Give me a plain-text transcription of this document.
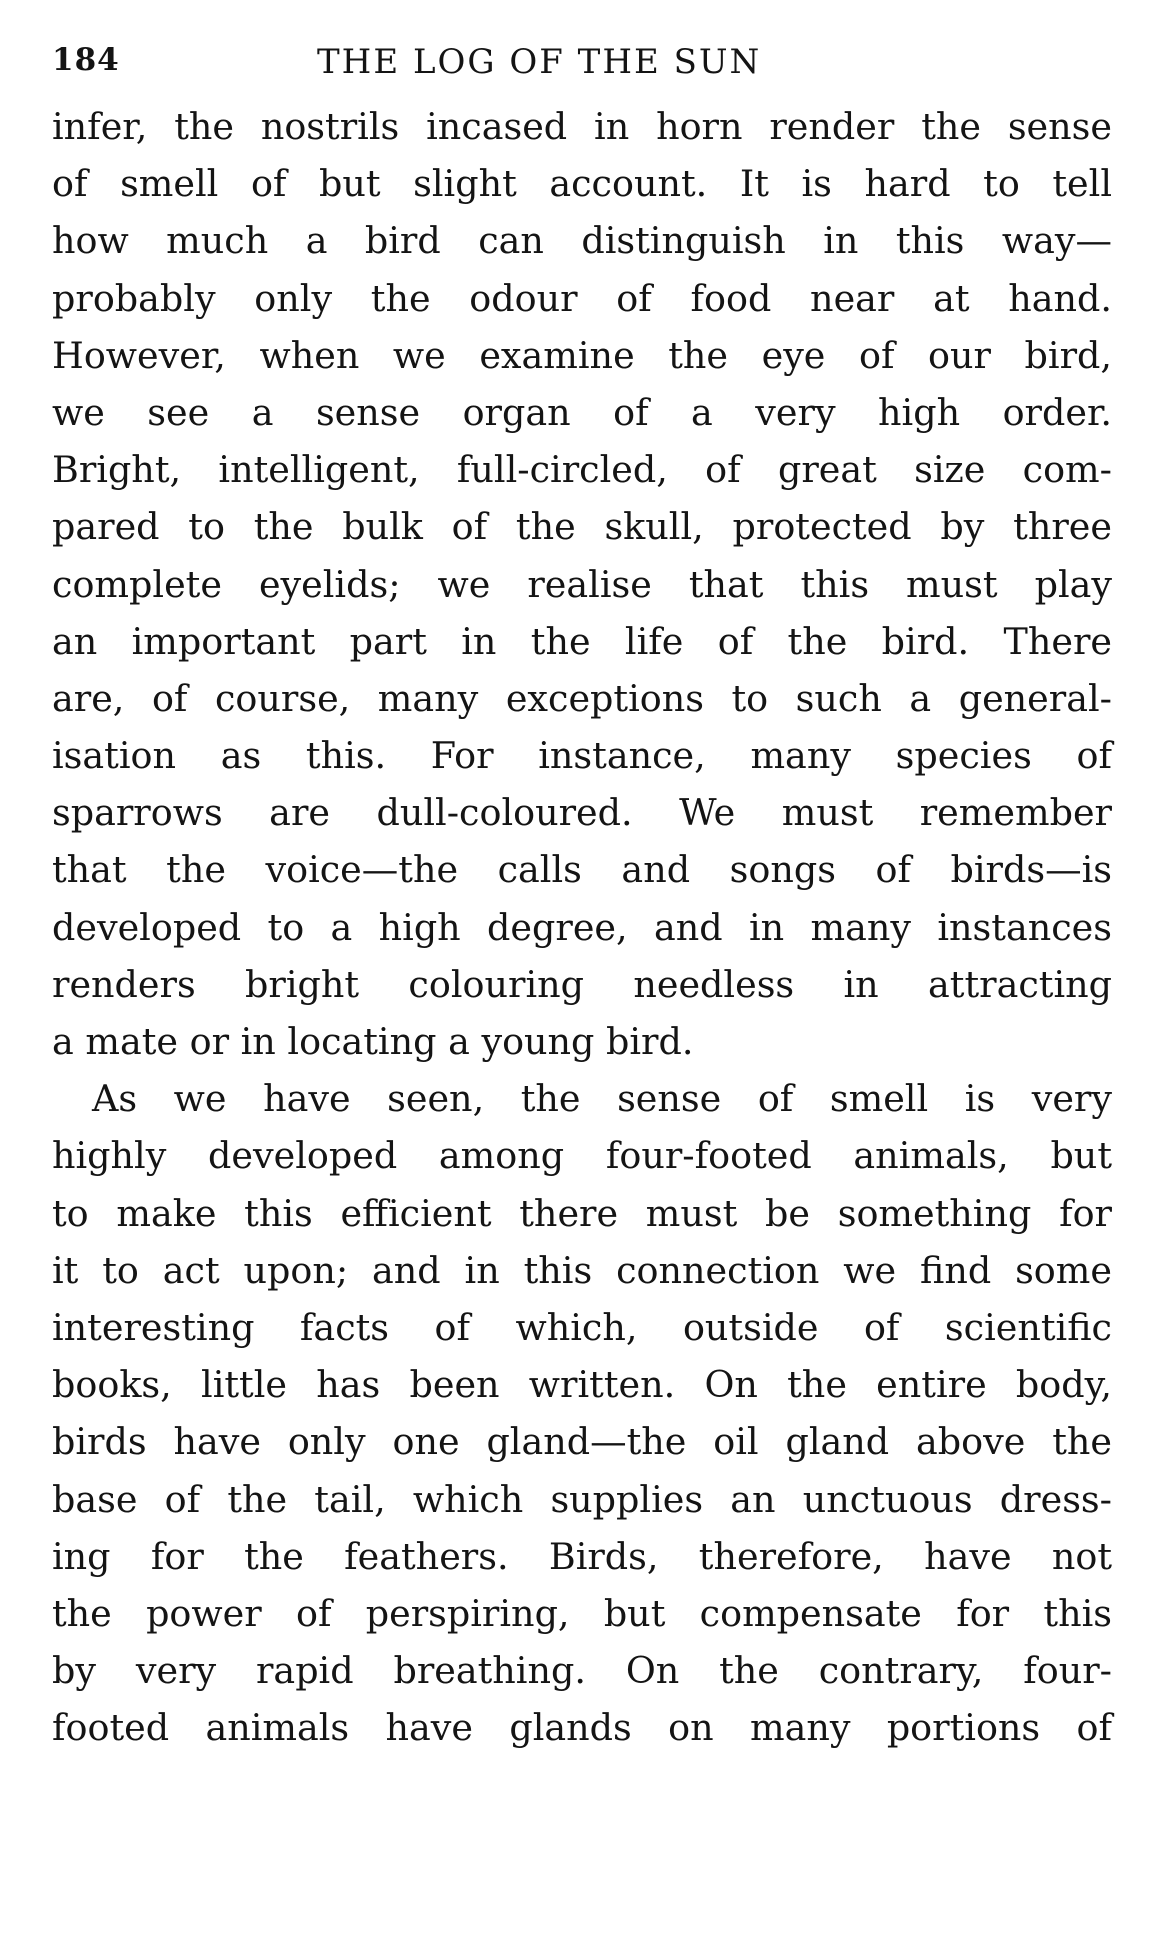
184	THE LOG OF THE SUN
infer, the nostrils incased in horn render the sense
of smell of but slight account. It is hard to tell
how much a bird can distinguish in this way—
probably only the odour of food near at hand.
However, when we examine the eye of our bird,
we see a sense organ of a very high order.
Bright, intelligent, full-circled, of great size com-
pared to the bulk of the skull, protected by three
complete eyelids; we realise that this must play
an important part in the life of the bird. There
are, of course, many exceptions to such a general-
isation as this. For instance, many species of
sparrows are dull-coloured. We must remember
that the voice—the calls and songs of birds—is
developed to a high degree, and in many instances
renders bright colouring needless in attracting
a mate or in locating a young bird.
As we have seen, the sense of smell is very
highly developed among four-footed animals, but
to make this efficient there must be something for
it to act upon; and in this connection we find some
interesting facts of which, outside of scientific
books, little has been written. On the entire body,
birds have only one gland—the oil gland above the
base of the tail, which supplies an unctuous dress-
ing for the feathers. Birds, therefore, have not
the power of perspiring, but compensate for this
by very rapid breathing. On the contrary, four-
footed animals have glands on many portions of
